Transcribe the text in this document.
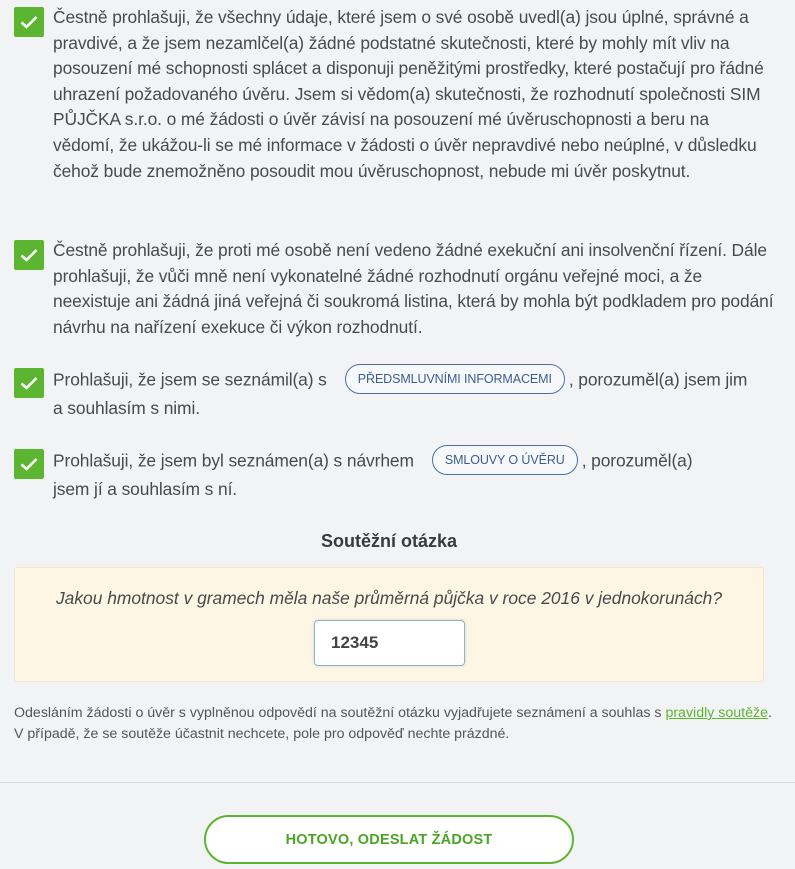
Čestně prohlašuji, že všechny údaje, které jsem o své osobě uvedl(a) jsou úplné, správné a pravdivé, a že jsem nezamlčel(a) žádné podstatné skutečnosti, které by mohly mít vliv na posouzení mé schopnosti splácet a disponuji peněžitými prostředky, které postačují pro řádné uhrazení požadovaného úvěru. Jsem si vědom(a) skutečnosti, že rozhodnutí společnosti SIM PŮJČKA s.r.o. o mé žádosti o úvěr závisí na posouzení mé úvěruschopnosti a beru na vědomí, že ukážou-li se mé informace v žádosti o úvěr nepravdivé nebo neúplné, v důsledku čehož bude znemožněno posoudit mou úvěruschopnost, nebude mi úvěr poskytnut.

Čestně prohlašuji, že proti mé osobě není vedeno žádné exekuční ani insolvenční řízení. Dále prohlašuji, že vůči mně není vykonatelné žádné rozhodnutí orgánu veřejné moci, a že neexistuje ani žádná jiná veřejná či soukromá listina, která by mohla být podkladem pro podání návrhu na nařízení exekuce či výkon rozhodnutí.

Prohlašuji, že jsem se seznámil(a) s PŘEDSMLUVNÍMI INFORMACEMI , porozuměl(a) jsem jim a souhlasím s nimi.

Prohlašuji, že jsem byl seznámen(a) s návrhem SMLOUVY O ÚVĚRU , porozuměl(a) jsem jí a souhlasím s ní.

Soutěžní otázka

Jakou hmotnost v gramech měla naše průměrná půjčka v roce 2016 v jednokorunách?

12345

Odesláním žádosti o úvěr s vyplněnou odpovědí na soutěžní otázku vyjadřujete seznámení a souhlas s pravidly soutěže. V případě, že se soutěže účastnit nechcete, pole pro odpověď nechte prázdné.

HOTOVO, ODESLAT ŽÁDOST
